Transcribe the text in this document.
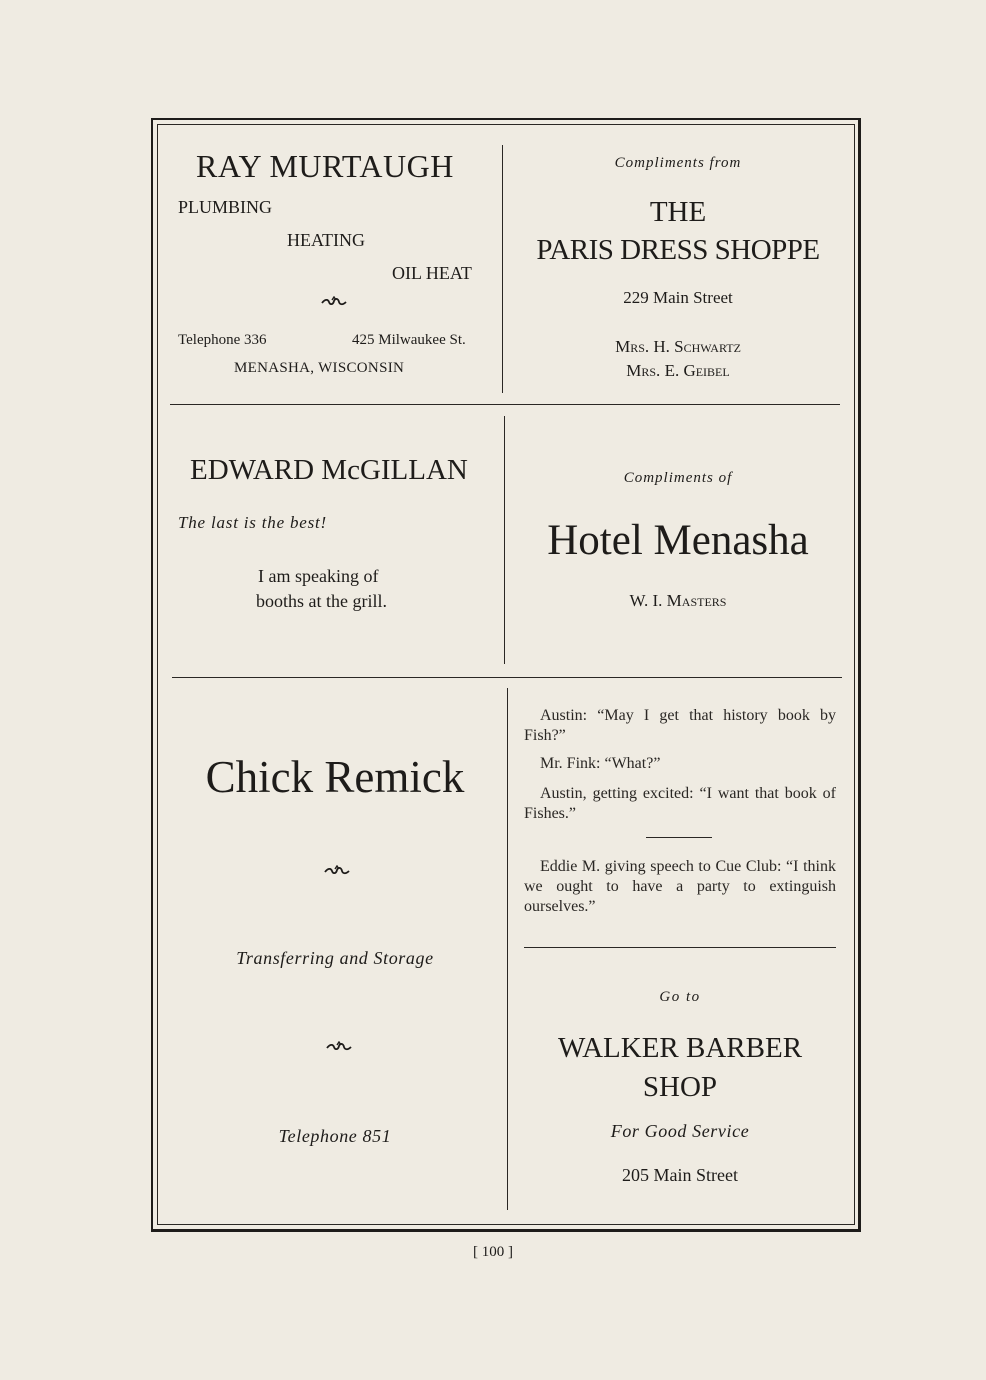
RAY MURTAUGH
PLUMBING
HEATING
OIL HEAT
Telephone 336	425 Milwaukee St.
MENASHA, WISCONSIN
Compliments from
THE
PARIS DRESS SHOPPE
229 Main Street
Mrs. H. Schwartz
Mrs. E. Geibel
EDWARD McGILLAN
The last is the best!
I am speaking of
booths at the grill.
Compliments of
Hotel Menasha
W. I. Masters
Chick Remick
Transferring and Storage
Telephone 851
Austin: “May I get that history book by Fish?”
Mr. Fink: “What?”
Austin, getting excited: “I want that book of Fishes.”
Eddie M. giving speech to Cue Club: “I think we ought to have a party to extinguish ourselves.”
Go to
WALKER BARBER
SHOP
For Good Service
205 Main Street
[ 100 ]
